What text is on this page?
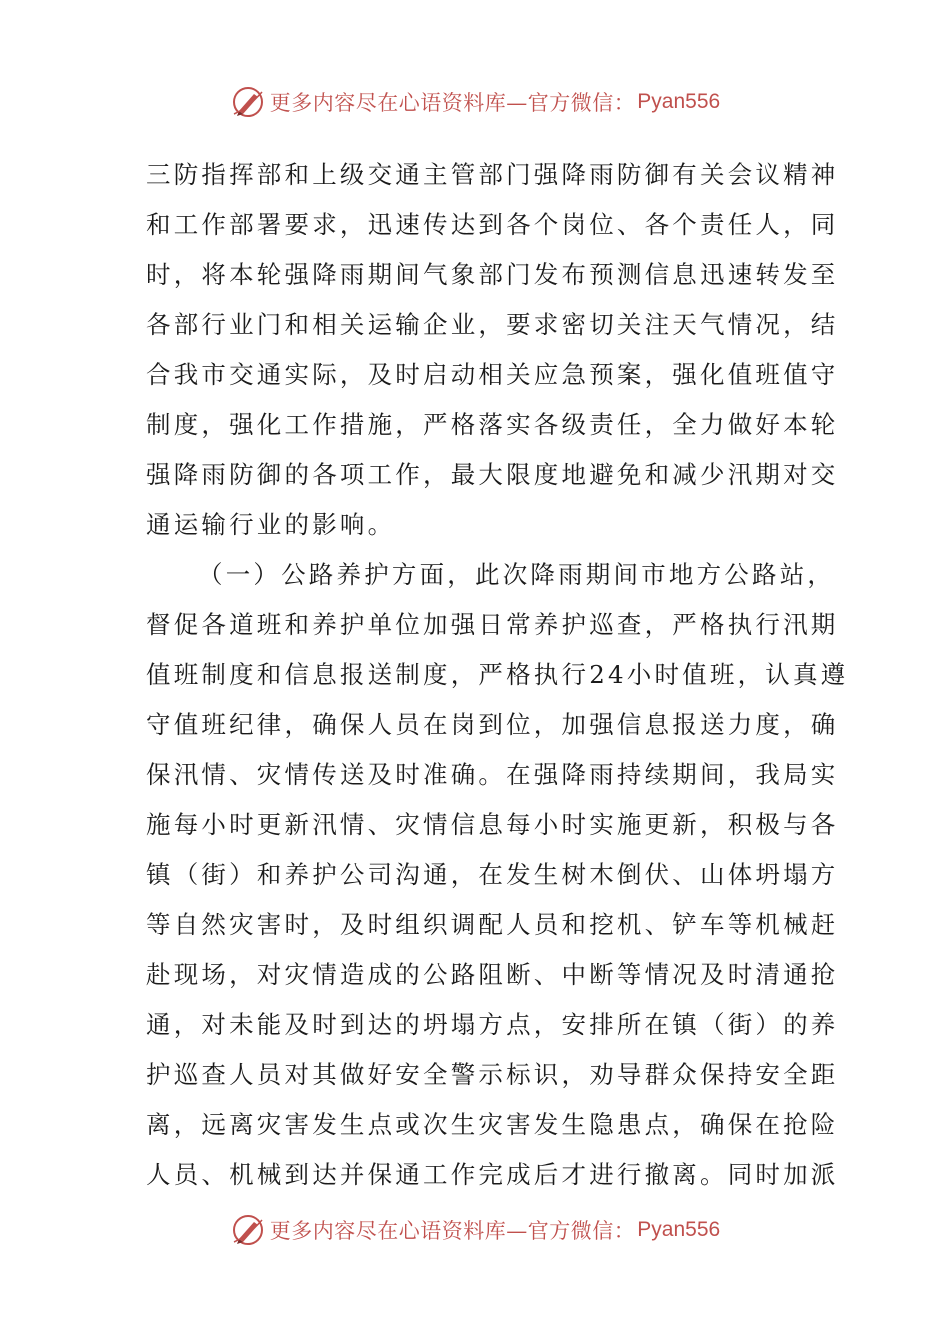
更多内容尽在心语资料库—官方微信： Pyan556
三防指挥部和上级交通主管部门强降雨防御有关会议精神
和工作部署要求，迅速传达到各个岗位、各个责任人，同
时，将本轮强降雨期间气象部门发布预测信息迅速转发至
各部行业门和相关运输企业，要求密切关注天气情况，结
合我市交通实际，及时启动相关应急预案，强化值班值守
制度，强化工作措施，严格落实各级责任，全力做好本轮
强降雨防御的各项工作，最大限度地避免和减少汛期对交
通运输行业的影响。
（一）公路养护方面，此次降雨期间市地方公路站，
督促各道班和养护单位加强日常养护巡查，严格执行汛期
值班制度和信息报送制度，严格执行24小时值班，认真遵
守值班纪律，确保人员在岗到位，加强信息报送力度，确
保汛情、灾情传送及时准确。在强降雨持续期间，我局实
施每小时更新汛情、灾情信息每小时实施更新，积极与各
镇（街）和养护公司沟通，在发生树木倒伏、山体坍塌方
等自然灾害时，及时组织调配人员和挖机、铲车等机械赶
赴现场，对灾情造成的公路阻断、中断等情况及时清通抢
通，对未能及时到达的坍塌方点，安排所在镇（街）的养
护巡查人员对其做好安全警示标识，劝导群众保持安全距
离，远离灾害发生点或次生灾害发生隐患点，确保在抢险
人员、机械到达并保通工作完成后才进行撤离。同时加派
更多内容尽在心语资料库—官方微信： Pyan556
